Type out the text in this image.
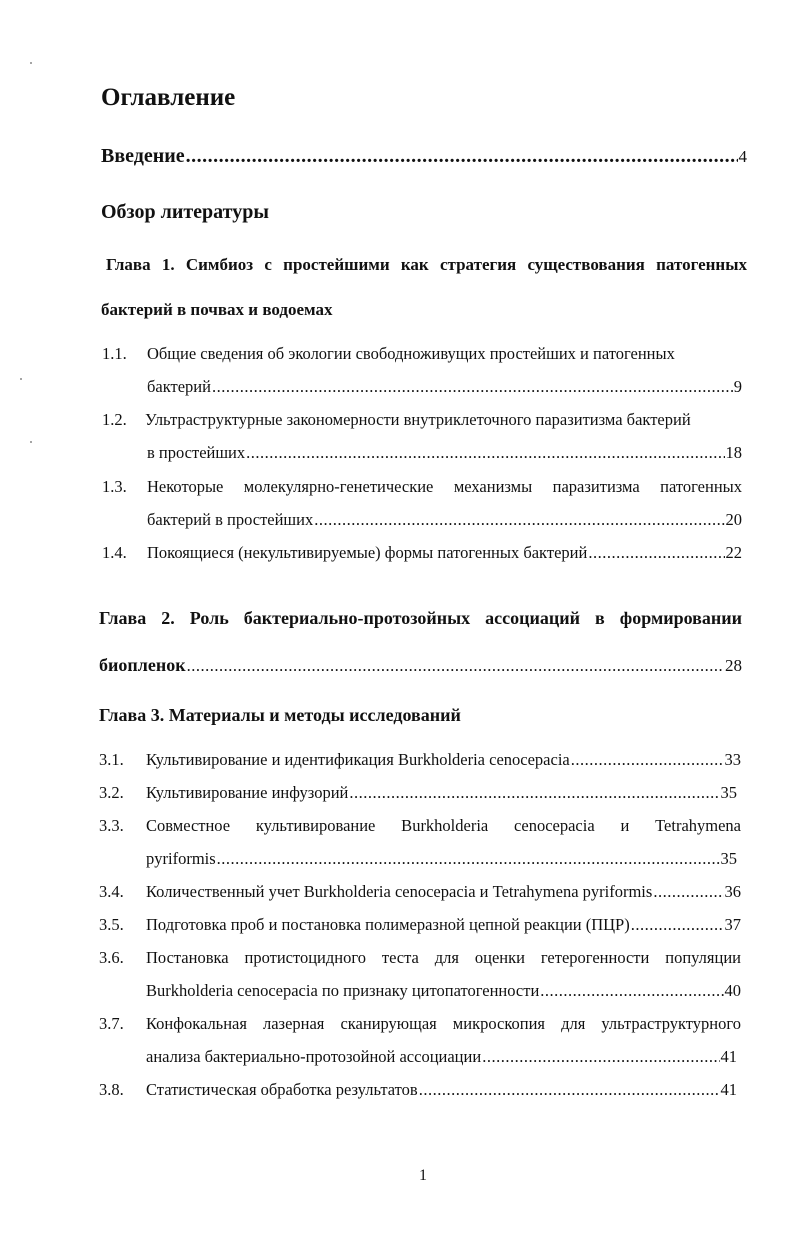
Оглавление
Введение .....	4
Обзор литературы
Глава 1. Симбиоз с простейшими как стратегия существования патогенных
бактерий в почвах и водоемах
1.1. Общие сведения об экологии свободноживущих простейших и патогенных
бактерий .....	9
1.2. Ультраструктурные закономерности внутриклеточного паразитизма бактерий
в простейших .....	18
1.3. Некоторые молекулярно-генетические механизмы паразитизма патогенных
бактерий в простейших .....	20
1.4. Покоящиеся (некультивируемые) формы патогенных бактерий .....	22
Глава 2. Роль бактериально-протозойных ассоциаций в формировании
биопленок .....	28
Глава 3. Материалы и методы исследований
3.1. Культивирование и идентификация Burkholderia cenocepacia .....	33
3.2. Культивирование инфузорий .....	35
3.3. Совместное культивирование Burkholderia cenocepacia и Tetrahymena
pyriformis .....	35
3.4. Количественный учет Burkholderia cenocepacia и Tetrahymena pyriformis .....	36
3.5. Подготовка проб и постановка полимеразной цепной реакции (ПЦР) .....	37
3.6. Постановка протистоцидного теста для оценки гетерогенности популяции
Burkholderia cenocepacia по признаку цитопатогенности .....	40
3.7. Конфокальная лазерная сканирующая микроскопия для ультраструктурного
анализа бактериально-протозойной ассоциации .....	41
3.8. Статистическая обработка результатов .....	41
1
